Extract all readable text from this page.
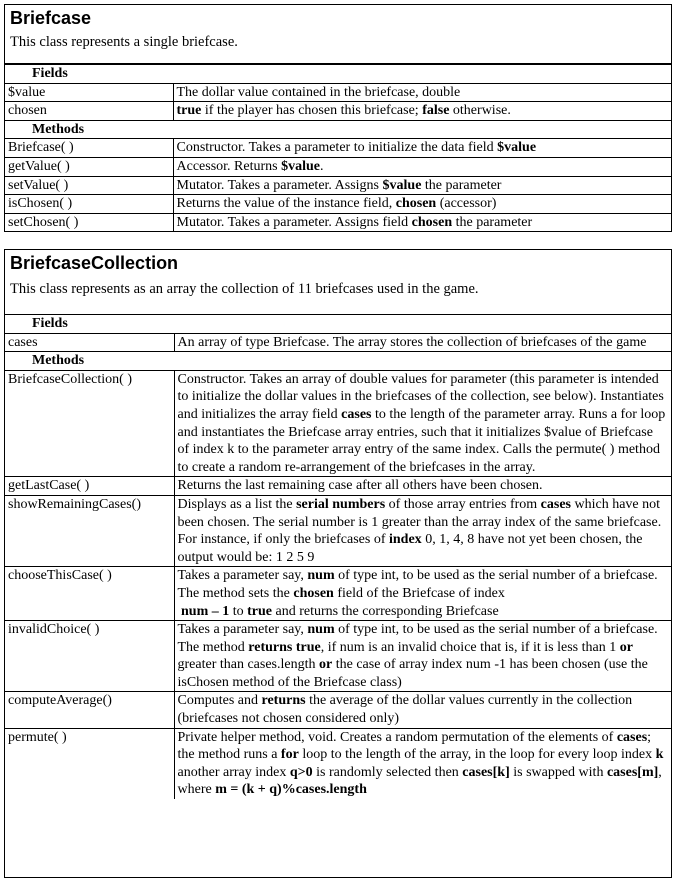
Briefcase
This class represents a single briefcase.
Fields	
$value	The dollar value contained in the briefcase, double
chosen	true if the player has chosen this briefcase; false otherwise.
Methods	
Briefcase( )	Constructor. Takes a parameter to initialize the data field $value
getValue( )	Accessor. Returns $value.
setValue( )	Mutator. Takes a parameter. Assigns $value the parameter
isChosen( )	Returns the value of the instance field, chosen (accessor)
setChosen( )	Mutator. Takes a parameter. Assigns field chosen the parameter
BriefcaseCollection
This class represents as an array the collection of 11 briefcases used in the game.
Fields	
cases	An array of type Briefcase. The array stores the collection of briefcases of the game
Methods	
BriefcaseCollection( )	Constructor. Takes an array of double values for parameter (this parameter is intended to initialize the dollar values in the briefcases of the collection, see below). Instantiates and initializes the array field cases to the length of the parameter array. Runs a for loop and instantiates the Briefcase array entries, such that it initializes $value of Briefcase of index k to the parameter array entry of the same index. Calls the permute( ) method to create a random re-arrangement of the briefcases in the array.
getLastCase( )	Returns the last remaining case after all others have been chosen.
showRemainingCases()	Displays as a list the serial numbers of those array entries from cases which have not been chosen. The serial number is 1 greater than the array index of the same briefcase.
For instance, if only the briefcases of index 0, 1, 4, 8 have not yet been chosen, the output would be: 1 2 5 9
chooseThisCase( )	Takes a parameter say, num of type int, to be used as the serial number of a briefcase. The method sets the chosen field of the Briefcase of index
num – 1 to true and returns the corresponding Briefcase
invalidChoice( )	Takes a parameter say, num of type int, to be used as the serial number of a briefcase. The method returns true, if num is an invalid choice that is, if it is less than 1 or greater than cases.length or the case of array index num -1 has been chosen (use the isChosen method of the Briefcase class)
computeAverage()	Computes and returns the average of the dollar values currently in the collection (briefcases not chosen considered only)
permute( )	Private helper method, void. Creates a random permutation of the elements of cases; the method runs a for loop to the length of the array, in the loop for every loop index k another array index q>0 is randomly selected then cases[k] is swapped with cases[m], where m = (k + q)%cases.length
